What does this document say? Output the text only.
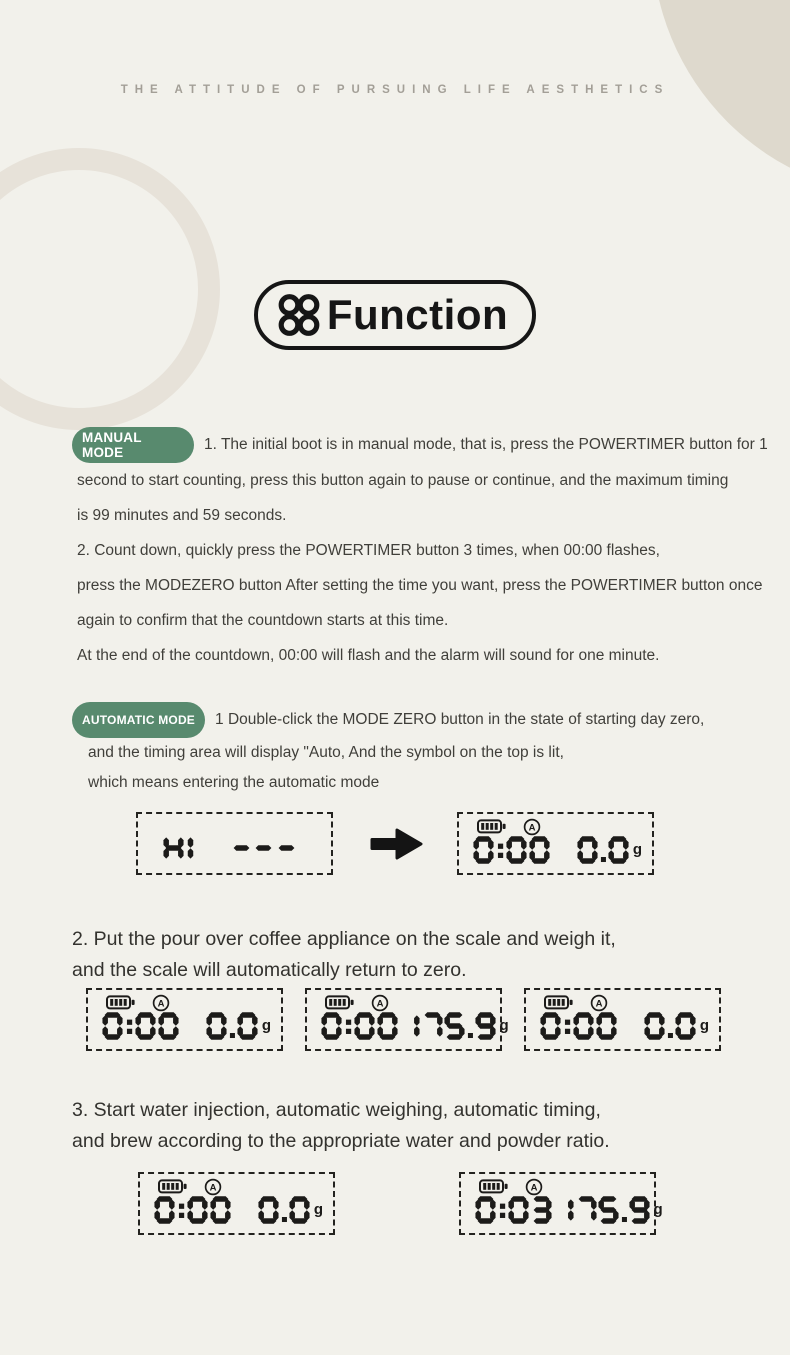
THE ATTITUDE OF PURSUING LIFE AESTHETICS
Function
MANUAL MODE	1. The initial boot is in manual mode, that is, press the POWERTIMER button for 1
second to start counting, press this button again to pause or continue, and the maximum timing
is 99 minutes and 59 seconds.
2. Count down, quickly press the POWERTIMER button 3 times, when 00:00 flashes,
press the MODEZERO button After setting the time you want, press the POWERTIMER button once
again to confirm that the countdown starts at this time.
At the end of the countdown, 00:00 will flash and the alarm will sound for one minute.
AUTOMATIC MODE	1 Double-click the MODE ZERO button in the state of starting day zero,
and the timing area will display "Auto, And the symbol on the top is lit,
which means entering the automatic mode
A
g
2. Put the pour over coffee appliance on the scale and weigh it,
and the scale will automatically return to zero.
A
g
A
g
A
g
3. Start water injection, automatic weighing, automatic timing,
and brew according to the appropriate water and powder ratio.
A
g
A
g
